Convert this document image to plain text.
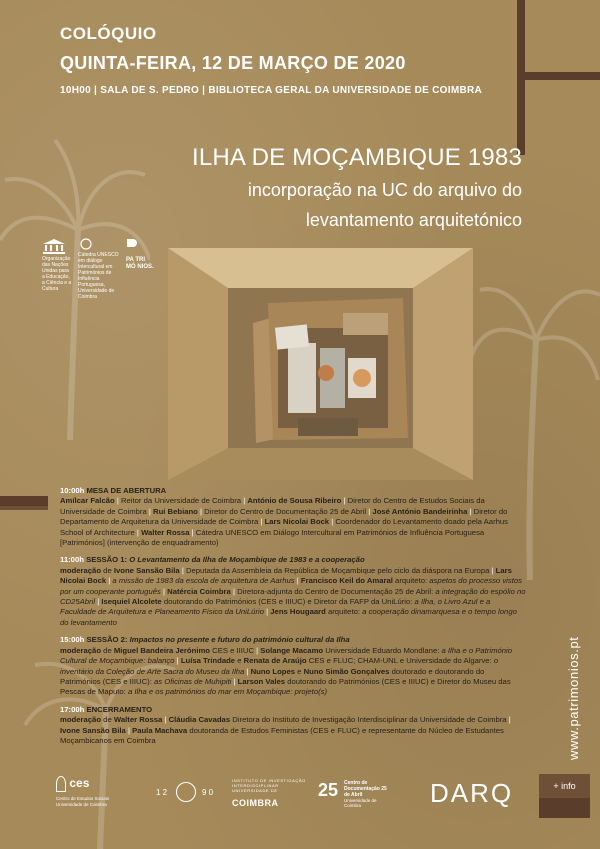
COLÓQUIO
QUINTA-FEIRA, 12 DE MARÇO DE 2020
10H00 | SALA DE S. PEDRO | BIBLIOTECA GERAL DA UNIVERSIDADE DE COIMBRA
ILHA DE MOÇAMBIQUE 1983
incorporação na UC do arquivo do
levantamento arquitetónico
Organização das Nações Unidas para a Educação, a Ciência e a Cultura
Cátedra UNESCO em diálogo Intercultural em Patrimónios de Influência Portuguesa, Universidade de Coimbra
PA TRI MÓ NIOS.
10:00h MESA DE ABERTURA
Amílcar Falcão | Reitor da Universidade de Coimbra | António de Sousa Ribeiro | Diretor do Centro de Estudos Sociais da Universidade de Coimbra | Rui Bebiano | Diretor do Centro de Documentação 25 de Abril | José António Bandeirinha | Diretor do Departamento de Arquitetura da Universidade de Coimbra | Lars Nicolai Bock | Coordenador do Levantamento doado pela Aarhus School of Architecture | Walter Rossa | Cátedra UNESCO em Diálogo Intercultural em Patrimónios de Influência Portuguesa [Patrimónios] (intervenção de enquadramento)
11:00h SESSÃO 1: O Levantamento da Ilha de Moçambique de 1983 e a cooperação
moderação de Ivone Sansão Bila | Deputada da Assembleia da República de Moçambique pelo ciclo da diáspora na Europa | Lars Nicolai Bock | a missão de 1983 da escola de arquitetura de Aarhus | Francisco Keil do Amaral arquiteto: aspetos do processo vistos por um cooperante português | Natércia Coimbra | Diretora-adjunta do Centro de Documentação 25 de Abril: a integração do espólio no CD25Abril | Isequiel Alcolete doutorando do Patrimónios (CES e IIIUC) e Diretor da FAFP da UniLúrio: a Ilha, o Livro Azul e a Faculdade de Arquitetura e Planeamento Físico da UniLúrio | Jens Hougaard arquiteto: a cooperação dinamarquesa e o tempo longo do levantamento
15:00h SESSÃO 2: Impactos no presente e futuro do património cultural da Ilha
moderação de Miguel Bandeira Jerónimo CES e IIIUC | Solange Macamo Universidade Eduardo Mondlane: a Ilha e o Património Cultural de Moçambique: balanço | Luísa Trindade e Renata de Araújo CES e FLUC; CHAM-UNL e Universidade do Algarve: o inventário da Coleção de Arte Sacra do Museu da Ilha | Nuno Lopes e Nuno Simão Gonçalves doutorado e doutorando do Patrimónios (CES e IIIUC): as Oficinas de Muhipiti | Larson Vales doutorando do Patrimónios (CES e IIIUC) e Diretor do Museu das Pescas de Maputo: a Ilha e os patrimónios do mar em Moçambique: projeto(s)
17:00h ENCERRAMENTO
moderação de Walter Rossa | Cláudia Cavadas Diretora do Instituto de Investigação Interdisciplinar da Universidade de Coimbra | Ivone Sansão Bila | Paula Machava doutoranda de Estudos Feministas (CES e FLUC) e representante do Núcleo de Estudantes Moçambicanos em Coimbra	www.patrimonios.pt
+ info
ces
Centro de Estudos Sociais Universidade de Coimbra
1 2	9 0
INSTITUTO DE INVESTIGAÇÃO INTERDISCIPLINAR UNIVERSIDADE DE
COIMBRA
25 Centro de Documentação 25 de Abril
Universidade de Coimbra	DARQ
